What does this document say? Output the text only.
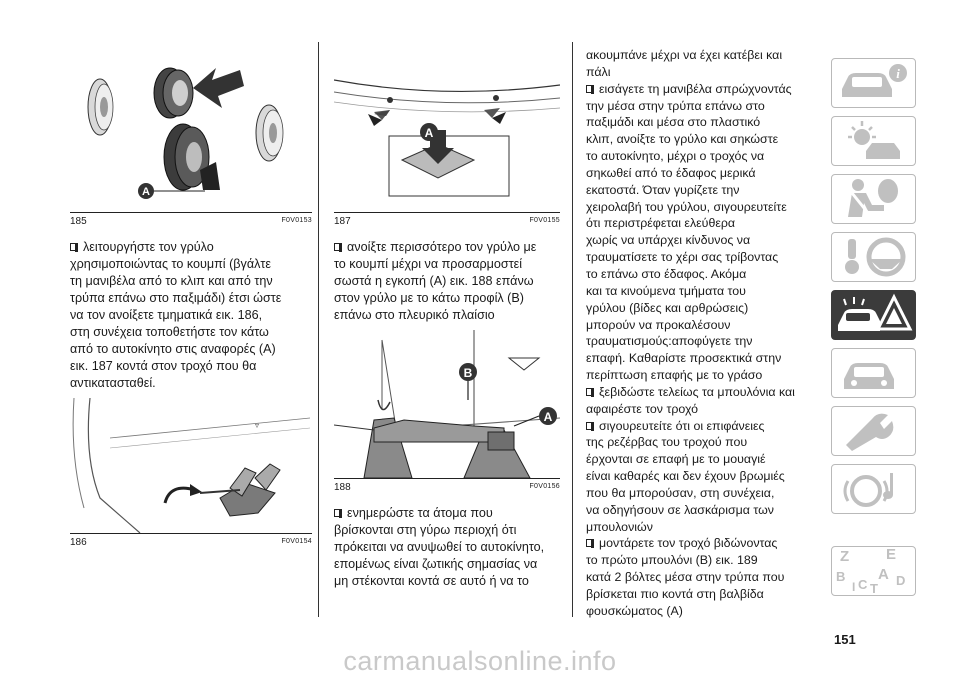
A
185	F0V0153
λειτουργήστε τον γρύλο
χρησιμοποιώντας το κουμπί (βγάλτε
τη μανιβέλα από το κλιπ και από την
τρύπα επάνω στο παξιμάδι) έτσι ώστε
να τον ανοίξετε τμηματικά εικ. 186,
στη συνέχεια τοποθετήστε τον κάτω
από το αυτοκίνητο στις αναφορές (A)
εικ. 187 κοντά στον τροχό που θα
αντικατασταθεί.
▿
186	F0V0154
A
187	F0V0155
ανοίξτε περισσότερο τον γρύλο με
το κουμπί μέχρι να προσαρμοστεί
σωστά η εγκοπή (A) εικ. 188 επάνω
στον γρύλο με το κάτω προφίλ (B)
επάνω στο πλευρικό πλαίσιο
B
A
188	F0V0156
ενημερώστε τα άτομα που
βρίσκονται στη γύρω περιοχή ότι
πρόκειται να ανυψωθεί το αυτοκίνητο,
επομένως είναι ζωτικής σημασίας να
μη στέκονται κοντά σε αυτό ή να το
ακουμπάνε μέχρι να έχει κατέβει και
πάλι
εισάγετε τη μανιβέλα σπρώχνοντάς
την μέσα στην τρύπα επάνω στο
παξιμάδι και μέσα στο πλαστικό
κλιπ, ανοίξτε το γρύλο και σηκώστε
το αυτοκίνητο, μέχρι ο τροχός να
σηκωθεί από το έδαφος μερικά
εκατοστά. Όταν γυρίζετε την
χειρολαβή του γρύλου, σιγουρευτείτε
ότι περιστρέφεται ελεύθερα
χωρίς να υπάρχει κίνδυνος να
τραυματίσετε το χέρι σας τρίβοντας
το επάνω στο έδαφος. Ακόμα
και τα κινούμενα τμήματα του
γρύλου (βίδες και αρθρώσεις)
μπορούν να προκαλέσουν
τραυματισμούς:αποφύγετε την
επαφή. Καθαρίστε προσεκτικά στην
περίπτωση επαφής με το γράσο
ξεβιδώστε τελείως τα μπουλόνια και
αφαιρέστε τον τροχό
σιγουρευτείτε ότι οι επιφάνειες
της ρεζέρβας του τροχού που
έρχονται σε επαφή με το μουαγιέ
είναι καθαρές και δεν έχουν βρωμιές
που θα μπορούσαν, στη συνέχεια,
να οδηγήσουν σε λασκάρισμα των
μπουλονιών
μοντάρετε τον τροχό βιδώνοντας
το πρώτο μπουλόνι (B) εικ. 189
κατά 2 βόλτες μέσα στην τρύπα που
βρίσκεται πιο κοντά στη βαλβίδα
φουσκώματος (A)
i
Z E
B A
I C T
D
151
carmanualsonline.info
